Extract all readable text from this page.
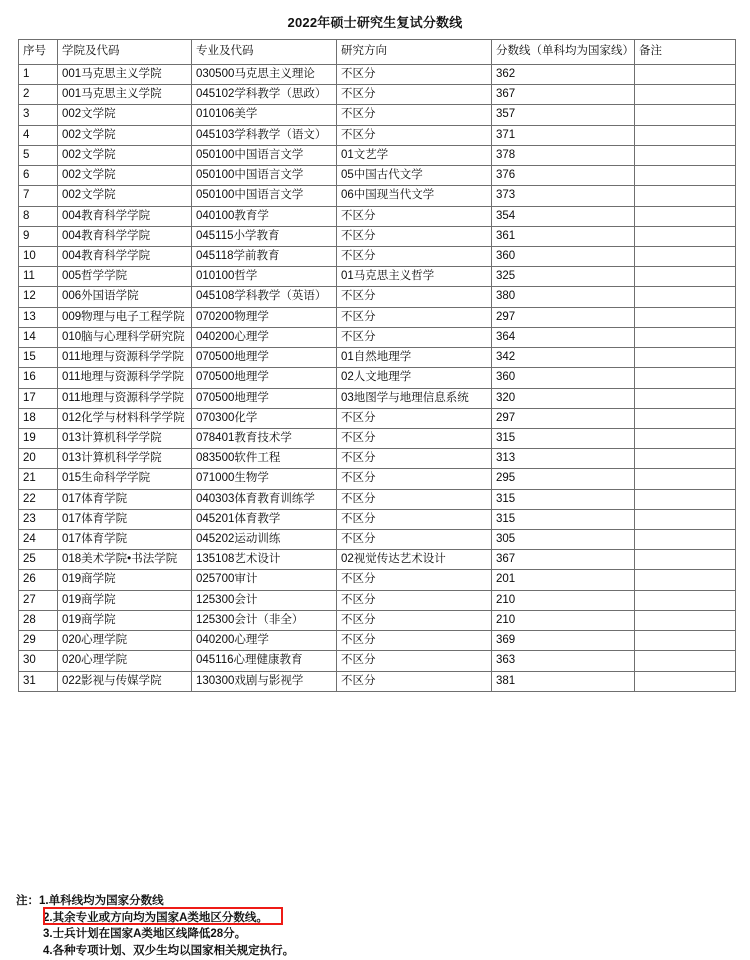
2022年硕士研究生复试分数线
序号	学院及代码	专业及代码	研究方向	分数线（单科均为国家线）	备注
1	001马克思主义学院	030500马克思主义理论	不区分	362	
2	001马克思主义学院	045102学科教学（思政）	不区分	367	
3	002文学院	010106美学	不区分	357	
4	002文学院	045103学科教学（语文）	不区分	371	
5	002文学院	050100中国语言文学	01文艺学	378	
6	002文学院	050100中国语言文学	05中国古代文学	376	
7	002文学院	050100中国语言文学	06中国现当代文学	373	
8	004教育科学学院	040100教育学	不区分	354	
9	004教育科学学院	045115小学教育	不区分	361	
10	004教育科学学院	045118学前教育	不区分	360	
11	005哲学学院	010100哲学	01马克思主义哲学	325	
12	006外国语学院	045108学科教学（英语）	不区分	380	
13	009物理与电子工程学院	070200物理学	不区分	297	
14	010脑与心理科学研究院	040200心理学	不区分	364	
15	011地理与资源科学学院	070500地理学	01自然地理学	342	
16	011地理与资源科学学院	070500地理学	02人文地理学	360	
17	011地理与资源科学学院	070500地理学	03地图学与地理信息系统	320	
18	012化学与材料科学学院	070300化学	不区分	297	
19	013计算机科学学院	078401教育技术学	不区分	315	
20	013计算机科学学院	083500软件工程	不区分	313	
21	015生命科学学院	071000生物学	不区分	295	
22	017体育学院	040303体育教育训练学	不区分	315	
23	017体育学院	045201体育教学	不区分	315	
24	017体育学院	045202运动训练	不区分	305	
25	018美术学院•书法学院	135108艺术设计	02视觉传达艺术设计	367	
26	019商学院	025700审计	不区分	201	
27	019商学院	125300会计	不区分	210	
28	019商学院	125300会计（非全）	不区分	210	
29	020心理学院	040200心理学	不区分	369	
30	020心理学院	045116心理健康教育	不区分	363	
31	022影视与传媒学院	130300戏剧与影视学	不区分	381	
注：1.单科线均为国家分数线
2.其余专业或方向均为国家A类地区分数线。
3.士兵计划在国家A类地区线降低28分。
4.各种专项计划、双少生均以国家相关规定执行。
